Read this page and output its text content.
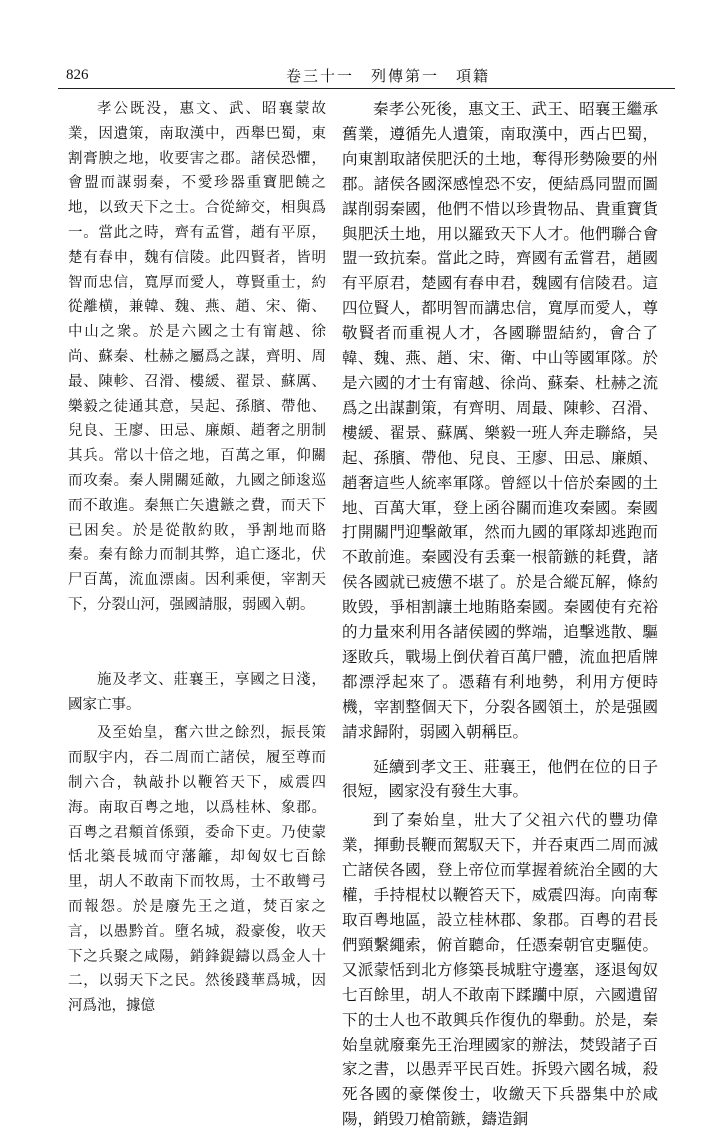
826	卷三十一　列傳第一　項籍

孝公既没，惠文、武、昭襄蒙故業，因遺策，南取漢中，西舉巴蜀，東割膏腴之地，收要害之郡。諸侯恐懼，會盟而謀弱秦，不愛珍器重寶肥饒之地，以致天下之士。合從締交，相與爲一。當此之時，齊有孟嘗，趙有平原，楚有春申，魏有信陵。此四賢者，皆明智而忠信，寬厚而愛人，尊賢重士，約從離横，兼韓、魏、燕、趙、宋、衛、中山之衆。於是六國之士有甯越、徐尚、蘇秦、杜赫之屬爲之謀，齊明、周最、陳軫、召滑、樓緩、翟景、蘇厲、樂毅之徒通其意，吴起、孫臏、帶他、兒良、王廖、田忌、廉頗、趙奢之朋制其兵。常以十倍之地，百萬之軍，仰關而攻秦。秦人開關延敵，九國之師逡巡而不敢進。秦無亡矢遺鏃之費，而天下已困矣。於是從散約敗，爭割地而賂秦。秦有餘力而制其弊，追亡逐北，伏尸百萬，流血漂鹵。因利乘便，宰割天下，分裂山河，强國請服，弱國入朝。

施及孝文、莊襄王，享國之日淺，國家亡事。

及至始皇，奮六世之餘烈，振長策而馭宇内，吞二周而亡諸侯，履至尊而制六合，執敲扑以鞭笞天下，威震四海。南取百粤之地，以爲桂林、象郡。百粤之君頫首係頸，委命下吏。乃使蒙恬北築長城而守藩籬，却匈奴七百餘里，胡人不敢南下而牧馬，士不敢彎弓而報怨。於是廢先王之道，焚百家之言，以愚黔首。墮名城，殺豪俊，收天下之兵聚之咸陽，銷鋒鍉鑄以爲金人十二，以弱天下之民。然後踐華爲城，因河爲池，據億

秦孝公死後，惠文王、武王、昭襄王繼承舊業，遵循先人遺策，南取漢中，西占巴蜀，向東割取諸侯肥沃的土地，奪得形勢險要的州郡。諸侯各國深感惶恐不安，便結爲同盟而圖謀削弱秦國，他們不惜以珍貴物品、貴重寶貨與肥沃土地，用以羅致天下人才。他們聯合會盟一致抗秦。當此之時，齊國有孟嘗君，趙國有平原君，楚國有春申君，魏國有信陵君。這四位賢人，都明智而講忠信，寬厚而愛人，尊敬賢者而重視人才，各國聯盟結約，會合了韓、魏、燕、趙、宋、衛、中山等國軍隊。於是六國的才士有甯越、徐尚、蘇秦、杜赫之流爲之出謀劃策，有齊明、周最、陳軫、召滑、樓緩、翟景、蘇厲、樂毅一班人奔走聯絡，吴起、孫臏、帶他、兒良、王廖、田忌、廉頗、趙奢這些人統率軍隊。曾經以十倍於秦國的土地、百萬大軍，登上函谷關而進攻秦國。秦國打開關門迎擊敵軍，然而九國的軍隊却逃跑而不敢前進。秦國没有丢棄一根箭鏃的耗費，諸侯各國就已疲憊不堪了。於是合縱瓦解，條約敗毁，爭相割讓土地賄賂秦國。秦國使有充裕的力量來利用各諸侯國的弊端，追擊逃散、驅逐敗兵，戰場上倒伏着百萬尸體，流血把盾牌都漂浮起來了。憑藉有利地勢，利用方便時機，宰割整個天下，分裂各國領土，於是强國請求歸附，弱國入朝稱臣。

延續到孝文王、莊襄王，他們在位的日子很短，國家没有發生大事。

到了秦始皇，壯大了父祖六代的豐功偉業，揮動長鞭而駕馭天下，并吞東西二周而滅亡諸侯各國，登上帝位而掌握着統治全國的大權，手持棍杖以鞭笞天下，威震四海。向南奪取百粤地區，設立桂林郡、象郡。百粤的君長們頸繫繩索，俯首聽命，任憑秦朝官吏驅使。又派蒙恬到北方修築長城駐守邊塞，逐退匈奴七百餘里，胡人不敢南下蹂躪中原，六國遺留下的士人也不敢興兵作復仇的舉動。於是，秦始皇就廢棄先王治理國家的辦法，焚毁諸子百家之書，以愚弄平民百姓。拆毁六國名城，殺死各國的豪傑俊士，收繳天下兵器集中於咸陽，銷毁刀槍箭鏃，鑄造銅
